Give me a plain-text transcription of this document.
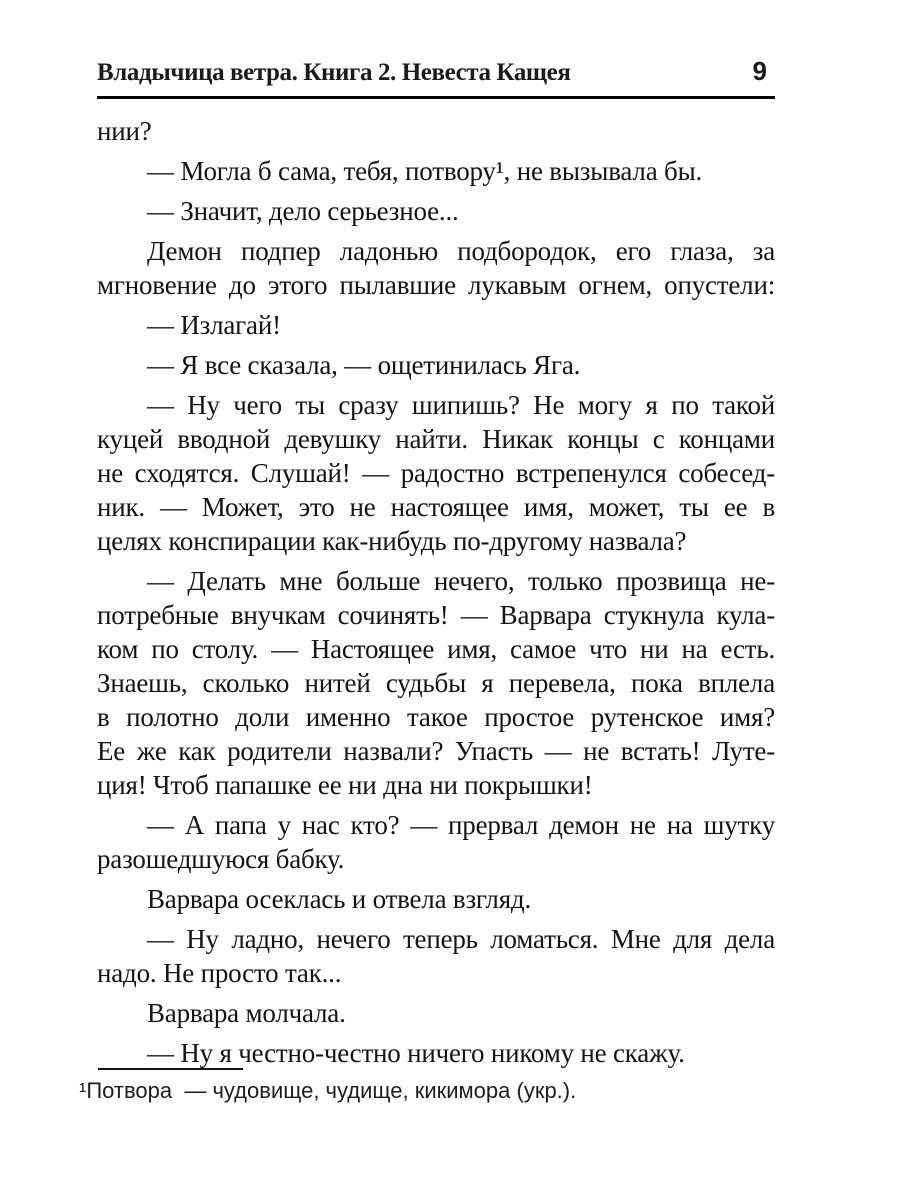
Владычица ветра. Книга 2. Невеста Кащея	9
нии?
— Могла б сама, тебя, потвору¹, не вызывала бы.
— Значит, дело серьезное...
Демон подпер ладонью подбородок, его глаза, за
мгновение до этого пылавшие лукавым огнем, опустели:
— Излагай!
— Я все сказала, — ощетинилась Яга.
— Ну чего ты сразу шипишь? Не могу я по такой
куцей вводной девушку найти. Никак концы с концами
не сходятся. Слушай! — радостно встрепенулся собесед-
ник. — Может, это не настоящее имя, может, ты ее в
целях конспирации как-нибудь по-другому назвала?
— Делать мне больше нечего, только прозвища не-
потребные внучкам сочинять! — Варвара стукнула кула-
ком по столу. — Настоящее имя, самое что ни на есть.
Знаешь, сколько нитей судьбы я перевела, пока вплела
в полотно доли именно такое простое рутенское имя?
Ее же как родители назвали? Упасть — не встать! Луте-
ция! Чтоб папашке ее ни дна ни покрышки!
— А папа у нас кто? — прервал демон не на шутку
разошедшуюся бабку.
Варвара осеклась и отвела взгляд.
— Ну ладно, нечего теперь ломаться. Мне для дела
надо. Не просто так...
Варвара молчала.
— Ну я честно-честно ничего никому не скажу.
¹Потвора  — чудовище, чудище, кикимора (укр.).
